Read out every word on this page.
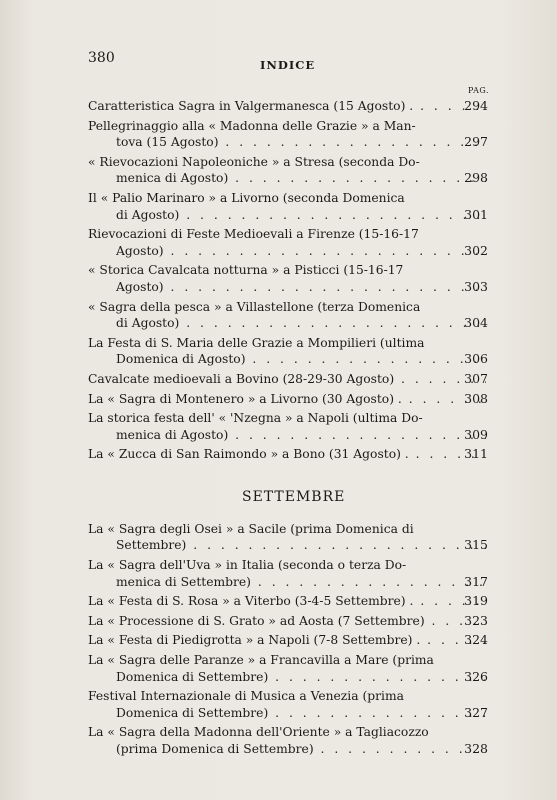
380	INDICE
PAG.
Caratteristica Sagra in Valgermanesca (15 Agosto) . . . .	294
Pellegrinaggio alla « Madonna delle Grazie » a Man-
tova (15 Agosto) . . .	297
« Rievocazioni Napoleoniche » a Stresa (seconda Do-
menica di Agosto) . . .	298
Il « Palio Marinaro » a Livorno (seconda Domenica
di Agosto) . . .	301
Rievocazioni di Feste Medioevali a Firenze (15-16-17
Agosto) . . .	302
« Storica Cavalcata notturna » a Pisticci (15-16-17
Agosto) . . .	303
« Sagra della pesca » a Villastellone (terza Domenica
di Agosto) . . .	304
La Festa di S. Maria delle Grazie a Mompilieri (ultima
Domenica di Agosto) . . .	306
Cavalcate medioevali a Bovino (28-29-30 Agosto) . . .	307
La « Sagra di Montenero » a Livorno (30 Agosto) . . . .	308
La storica festa dell' « 'Nzegna » a Napoli (ultima Do-
menica di Agosto) . . .	309
La « Zucca di San Raimondo » a Bono (31 Agosto) . . . .	311
SETTEMBRE
La « Sagra degli Osei » a Sacile (prima Domenica di
Settembre) . . .	315
La « Sagra dell'Uva » in Italia (seconda o terza Do-
menica di Settembre) . . .	317
La « Festa di S. Rosa » a Viterbo (3-4-5 Settembre) . . . .	319
La « Processione di S. Grato » ad Aosta (7 Settembre) . . .	323
La « Festa di Piedigrotta » a Napoli (7-8 Settembre) . . . .	324
La « Sagra delle Paranze » a Francavilla a Mare (prima
Domenica di Settembre) . . .	326
Festival Internazionale di Musica a Venezia (prima
Domenica di Settembre) . . .	327
La « Sagra della Madonna dell'Oriente » a Tagliacozzo
(prima Domenica di Settembre) . . .	328
